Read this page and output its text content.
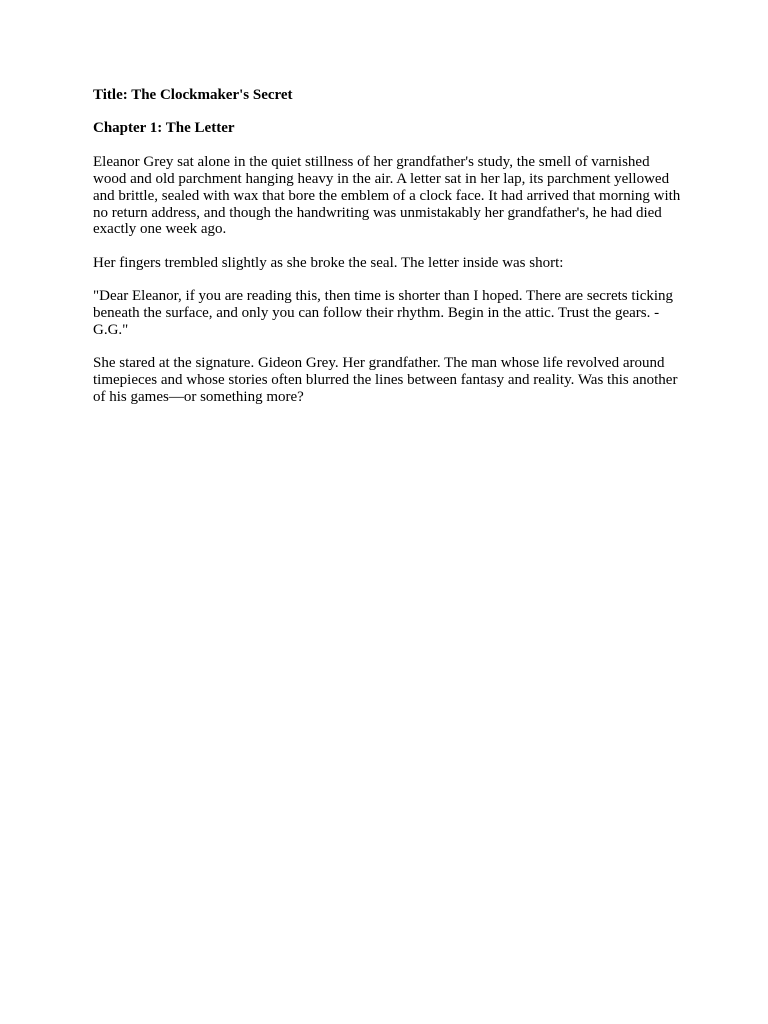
Title: The Clockmaker's Secret

Chapter 1: The Letter

Eleanor Grey sat alone in the quiet stillness of her grandfather's study, the smell of varnished wood and old parchment hanging heavy in the air. A letter sat in her lap, its parchment yellowed and brittle, sealed with wax that bore the emblem of a clock face. It had arrived that morning with no return address, and though the handwriting was unmistakably her grandfather's, he had died exactly one week ago.

Her fingers trembled slightly as she broke the seal. The letter inside was short:

"Dear Eleanor, if you are reading this, then time is shorter than I hoped. There are secrets ticking beneath the surface, and only you can follow their rhythm. Begin in the attic. Trust the gears. - G.G."

She stared at the signature. Gideon Grey. Her grandfather. The man whose life revolved around timepieces and whose stories often blurred the lines between fantasy and reality. Was this another of his games—or something more?
